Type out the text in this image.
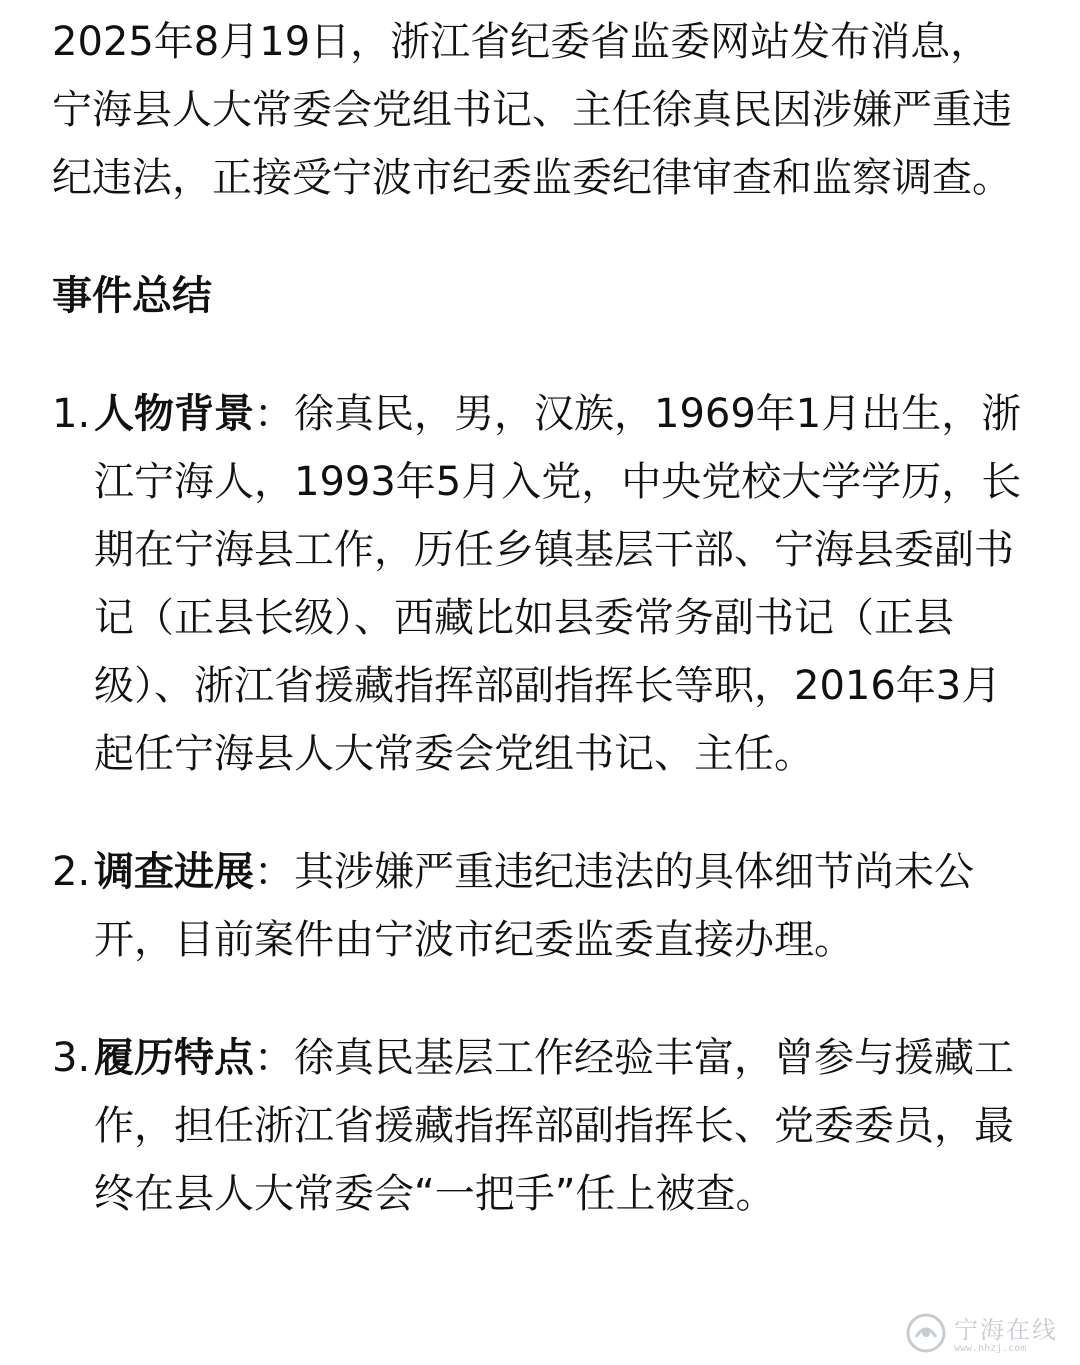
2025年8月19日，浙江省纪委省监委网站发布消息，宁海县人大常委会党组书记、主任徐真民因涉嫌严重违纪违法，正接受宁波市纪委监委纪律审查和监察调查。

事件总结
1. 人物背景：徐真民，男，汉族，1969年1月出生，浙江宁海人，1993年5月入党，中央党校大学学历，长期在宁海县工作，历任乡镇基层干部、宁海县委副书记（正县长级）、西藏比如县委常务副书记（正县级）、浙江省援藏指挥部副指挥长等职，2016年3月起任宁海县人大常委会党组书记、主任。
2. 调查进展：其涉嫌严重违纪违法的具体细节尚未公开，目前案件由宁波市纪委监委直接办理。
3. 履历特点：徐真民基层工作经验丰富，曾参与援藏工作，担任浙江省援藏指挥部副指挥长、党委委员，最终在县人大常委会“一把手”任上被查。
宁海在线
www.nhzj.com
